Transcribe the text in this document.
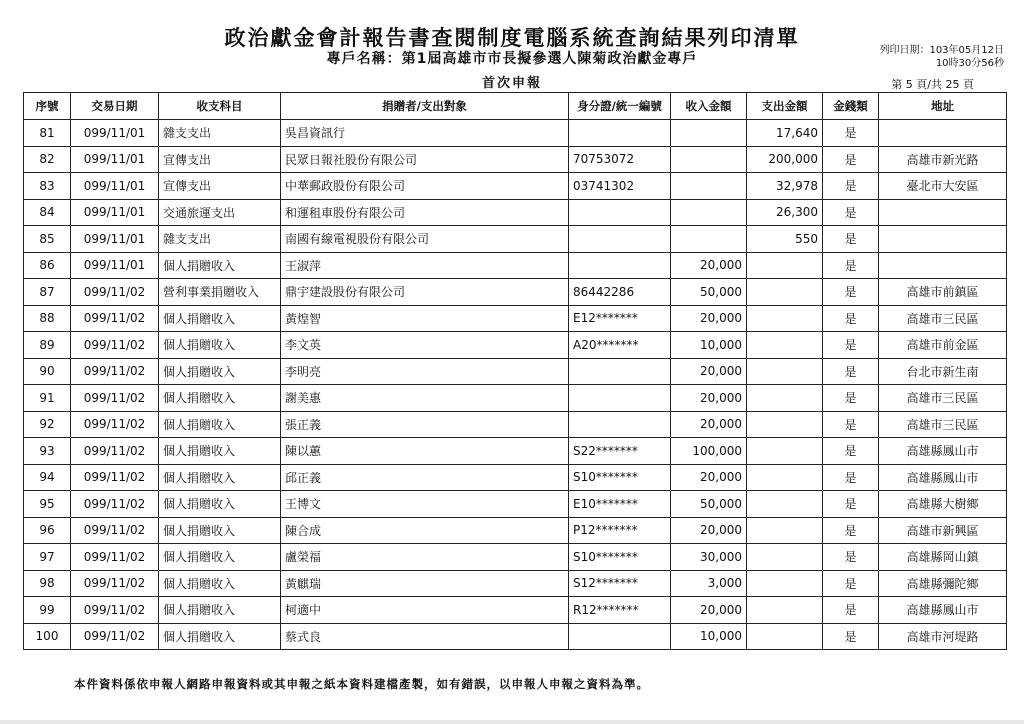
政治獻金會計報告書查閱制度電腦系統查詢結果列印清單
專戶名稱：第1屆高雄市市長擬參選人陳菊政治獻金專戶
首次申報
列印日期：103年05月12日
10時30分56秒
第 5 頁/共 25 頁
序號	交易日期	收支科目	捐贈者/支出對象	身分證/統一編號	收入金額	支出金額	金錢類	地址
81	099/11/01	雜支支出	吳昌資訊行			17,640	是	
82	099/11/01	宣傳支出	民眾日報社股份有限公司	70753072		200,000	是	高雄市新光路
83	099/11/01	宣傳支出	中華郵政股份有限公司	03741302		32,978	是	臺北市大安區
84	099/11/01	交通旅運支出	和運租車股份有限公司			26,300	是	
85	099/11/01	雜支支出	南國有線電視股份有限公司			550	是	
86	099/11/01	個人捐贈收入	王淑萍		20,000		是	
87	099/11/02	營利事業捐贈收入	鼎宇建設股份有限公司	86442286	50,000		是	高雄市前鎮區
88	099/11/02	個人捐贈收入	黃煌智	E12*******	20,000		是	高雄市三民區
89	099/11/02	個人捐贈收入	李文英	A20*******	10,000		是	高雄市前金區
90	099/11/02	個人捐贈收入	李明亮		20,000		是	台北市新生南
91	099/11/02	個人捐贈收入	謝美惠		20,000		是	高雄市三民區
92	099/11/02	個人捐贈收入	張正義		20,000		是	高雄市三民區
93	099/11/02	個人捐贈收入	陳以蕙	S22*******	100,000		是	高雄縣鳳山市
94	099/11/02	個人捐贈收入	邱正義	S10*******	20,000		是	高雄縣鳳山市
95	099/11/02	個人捐贈收入	王博文	E10*******	50,000		是	高雄縣大樹鄉
96	099/11/02	個人捐贈收入	陳合成	P12*******	20,000		是	高雄市新興區
97	099/11/02	個人捐贈收入	盧榮福	S10*******	30,000		是	高雄縣岡山鎮
98	099/11/02	個人捐贈收入	黃麒瑞	S12*******	3,000		是	高雄縣彌陀鄉
99	099/11/02	個人捐贈收入	柯適中	R12*******	20,000		是	高雄縣鳳山市
100	099/11/02	個人捐贈收入	蔡式良		10,000		是	高雄市河堤路
本件資料係依申報人網路申報資料或其申報之紙本資料建檔產製，如有錯誤，以申報人申報之資料為準。
